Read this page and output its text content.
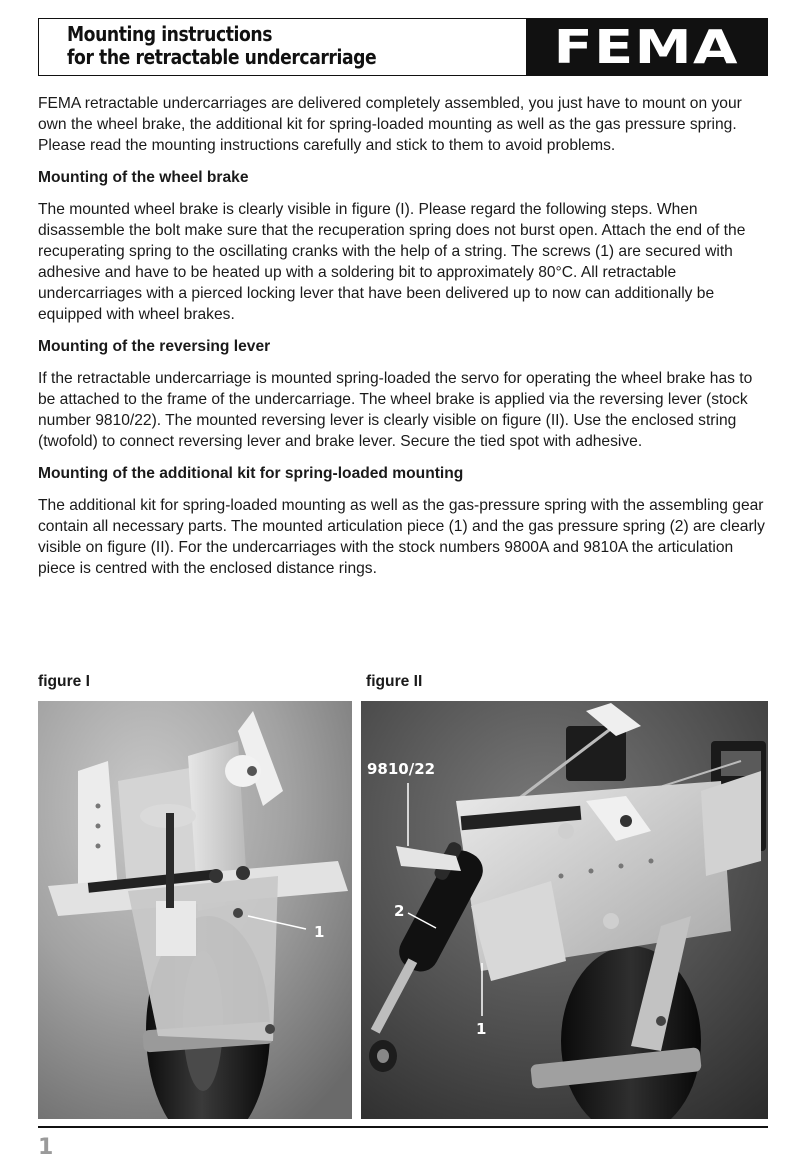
Mounting instructions
for the retractable undercarriage	FEMA

FEMA retractable undercarriages are delivered completely assembled, you just have to mount on your own the wheel brake, the additional kit for spring-loaded mounting as well as the gas pressure spring. Please read the mounting instructions carefully and stick to them to avoid problems.

Mounting of the wheel brake

The mounted wheel brake is clearly visible in figure (I). Please regard the following steps. When disassemble the bolt make sure that the recuperation spring does not burst open. Attach the end of the recuperating spring to the oscillating cranks with the help of a string. The screws (1) are secured with adhesive and have to be heated up with a soldering bit to approximately 80°C. All retractable undercarriages with a pierced locking lever that have been delivered up to now can additionally be equipped with wheel brakes.

Mounting of the reversing lever

If the retractable undercarriage is mounted spring-loaded the servo for operating the wheel brake has to be attached to the frame of the undercarriage. The wheel brake is applied via the reversing lever (stock number 9810/22). The mounted reversing lever is clearly visible on figure (II). Use the enclosed string (twofold) to connect reversing lever and brake lever. Secure the tied spot with adhesive.

Mounting of the additional kit for spring-loaded mounting

The additional kit for spring-loaded mounting as well as the gas-pressure spring with the assembling gear contain all necessary parts. The mounted articulation piece (1) and the gas pressure spring (2) are clearly visible on figure (II). For the undercarriages with the stock numbers 9800A and 9810A the articulation piece is centred with the enclosed distance rings.

figure I	figure II
1
9810/22
2
1
1
